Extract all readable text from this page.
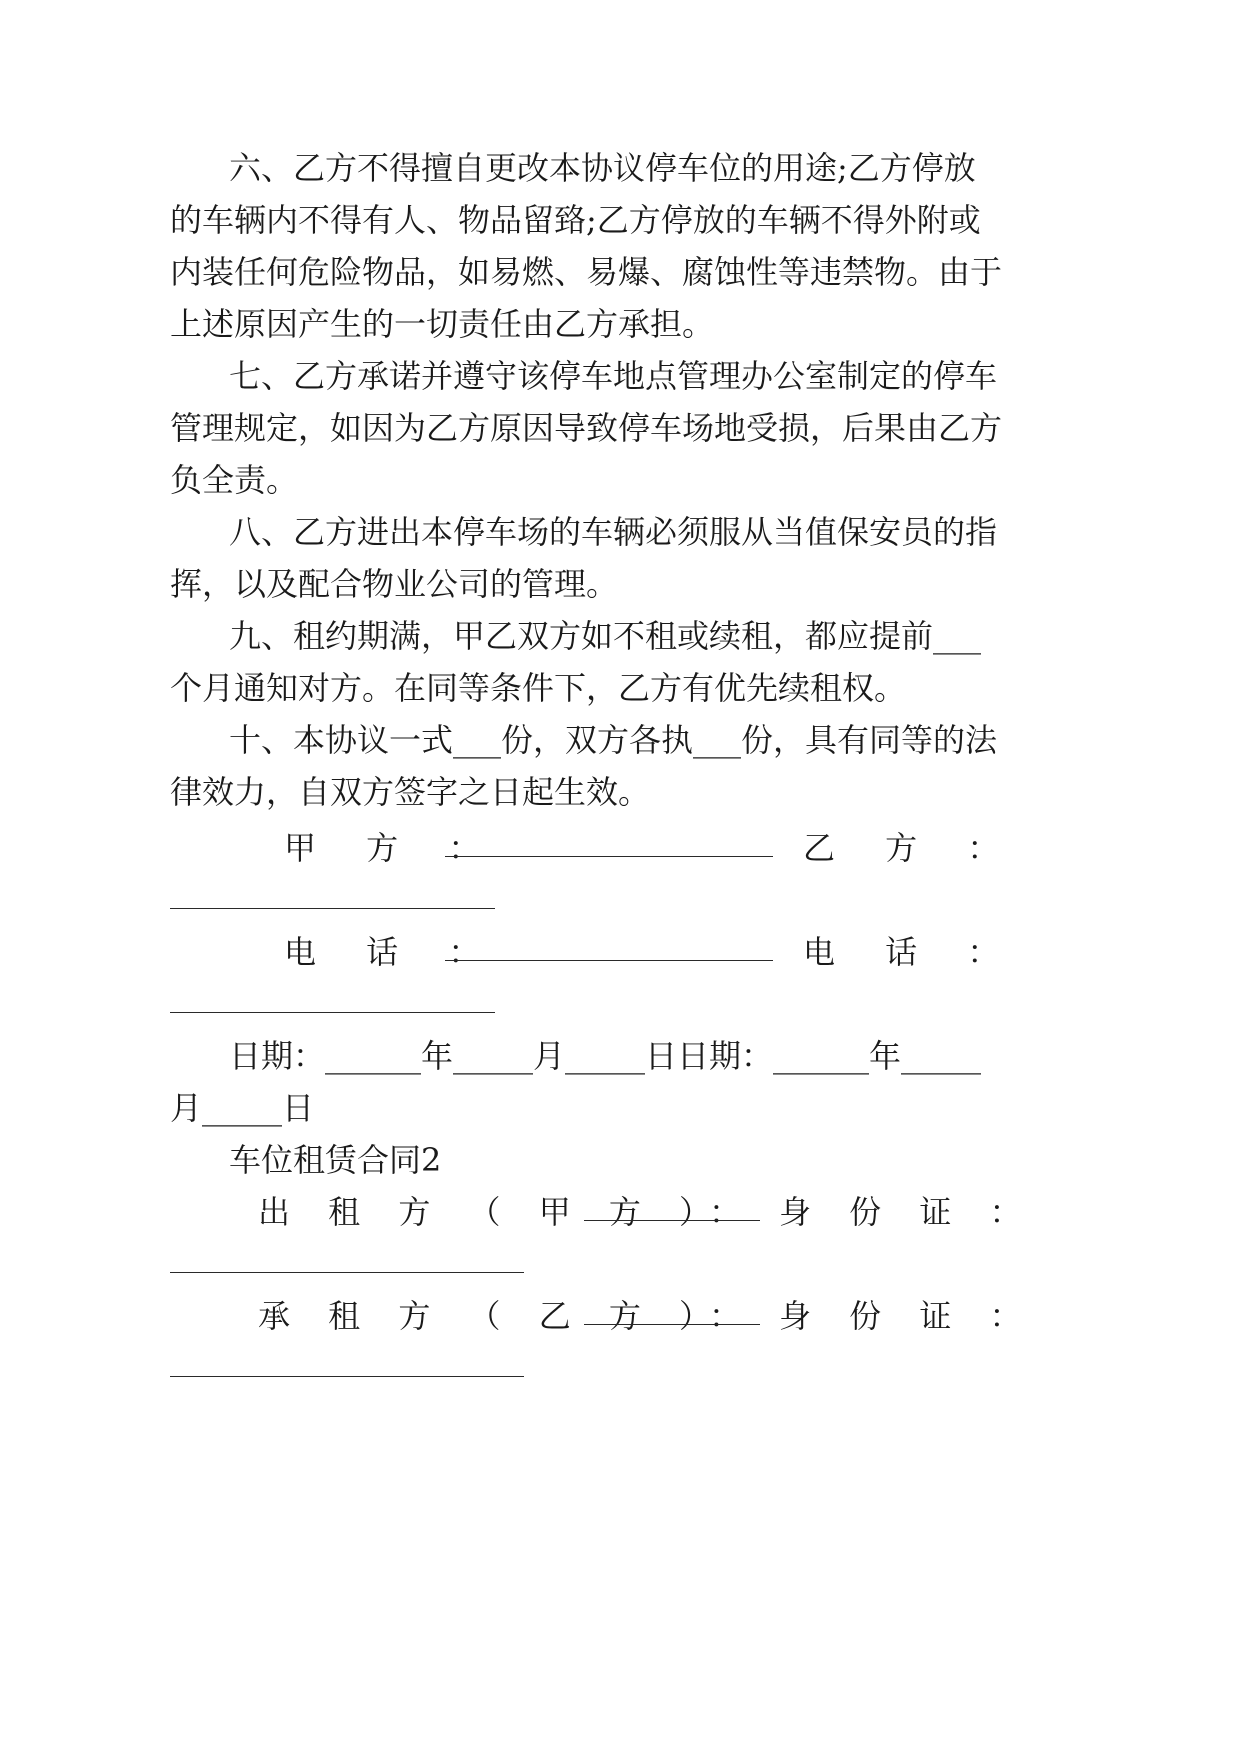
六、乙方不得擅自更改本协议停车位的用途;乙方停放
的车辆内不得有人、物品留臵;乙方停放的车辆不得外附或
内装任何危险物品，如易燃、易爆、腐蚀性等违禁物。由于
上述原因产生的一切责任由乙方承担。
七、乙方承诺并遵守该停车地点管理办公室制定的停车
管理规定，如因为乙方原因导致停车场地受损，后果由乙方
负全责。
八、乙方进出本停车场的车辆必须服从当值保安员的指
挥，以及配合物业公司的管理。
九、租约期满，甲乙双方如不租或续租，都应提前___
个月通知对方。在同等条件下，乙方有优先续租权。
十、本协议一式___份，双方各执___份，具有同等的法
律效力，自双方签字之日起生效。
甲 方 ：	乙 方 ：
电 话 ：	电 话 ：
日期：______年_____月_____日日期：______年_____
月_____日
车位租赁合同2
出 租 方 （ 甲 方 ）： 身 份 证 ：
承 租 方 （ 乙 方 ）： 身 份 证 ：
